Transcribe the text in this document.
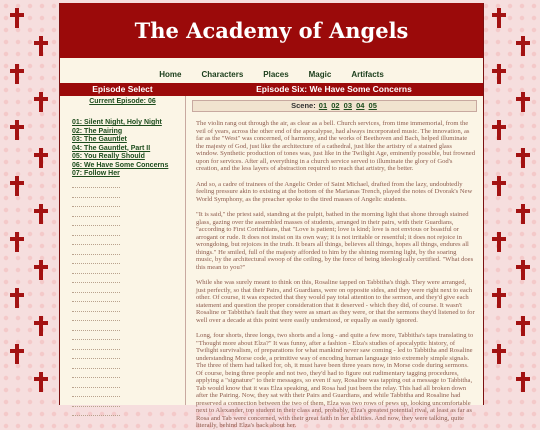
The Academy of Angels
Home	Characters	Places	Magic	Artifacts
Episode Select	Episode Six: We Have Some Concerns
Current Episode: 06
01: Silent Night, Holy Night
02: The Pairing
03: The Gauntlet
04: The Gauntlet, Part II
05: You Really Should
06: We Have Some Concerns
07: Follow Her
Scene: 01 02 03 04 05

The violin rang out through the air, as clear as a bell. Church services, from time immemorial, from the veil of years, across the other end of the apocalypse, had always incorporated music. The innovation, as far as the "West" was concerned, of harmony, and the works of Beethoven and Bach, helped illuminate the majesty of God, just like the architecture of a cathedral, just like the artistry of a stained glass window. Synthetic production of tones was, just like in the Twilight Age, eminently possible, but frowned upon for services. After all, everything in a church service served to illuminate the glory of God's creation, and the less layers of abstraction required to reach that artistry, the better.

And so, a cadre of trainees of the Angelic Order of Saint Michael, drafted from the lazy, undoubtedly feeling pressure akin to existing at the bottom of the Marianas Trench, played the notes of Dvorak's New World Symphony, as the preacher spoke to the tired masses of Angelic students.

"It is said," the priest said, standing at the pulpit, bathed in the morning light that shone through stained glass, gazing over the assembled masses of students, arranged in their pairs, with their Guardians, "according to First Corinthians, that "Love is patient; love is kind; love is not envious or boastful or arrogant or rude. It does not insist on its own way; it is not irritable or resentful; it does not rejoice in wrongdoing, but rejoices in the truth. It bears all things, believes all things, hopes all things, endures all things." He smiled, full of the majesty afforded to him by the shining morning light, by the soaring music, by the architectural swoop of the ceiling, by the force of being ideologically certified. "What does this mean to you?"

While she was surely meant to think on this, Rosaline tapped on Tabbitha's thigh. They were arranged, just perfectly, so that their Pairs, and Guardians, were on opposite sides, and they were right next to each other. Of course, it was expected that they would pay total attention to the sermon, and they'd give each statement and question the proper consideration that it deserved - which they did, of course. It wasn't Rosaline or Tabbitha's fault that they were as smart as they were, or that the sermons they'd listened to for well over a decade at this point were easily understood, or equally as easily ignored.

Long, four shorts, three longs, two shorts and a long - and quite a few more, Tabbitha's taps translating to "Thought more about Elza?" It was funny, after a fashion - Elza's studies of apocalyptic history, of Twilight survivalism, of preparations for what mankind never saw coming - led to Tabbitha and Rosaline understanding Morse code, a primitive way of encoding human language into extremely simple signals. The three of them had talked for, oh, it must have been three years now, in Morse code during sermons. Of course, being three people and not two, they'd had to figure out rudimentary tagging procedures, applying a "signature" to their messages, so even if say, Rosaline was tapping out a message to Tabbitha, Tab would know that it was Elza speaking, and Rosa had just been the relay. This had all broken down after the Pairing. Now, they sat with their Pairs and Guardians, and while Tabbitha and Rosaline had preserved a connection between the two of them, Elza was two rows of pews up, looking uncomfortable next to Alexander, top student in their class and, probably, Elza's greatest potential rival, at least as far as Rosa and Tab were concerned, with their great faith in her abilities. And now, they were talking, quite literally, behind Elza's back about her.
